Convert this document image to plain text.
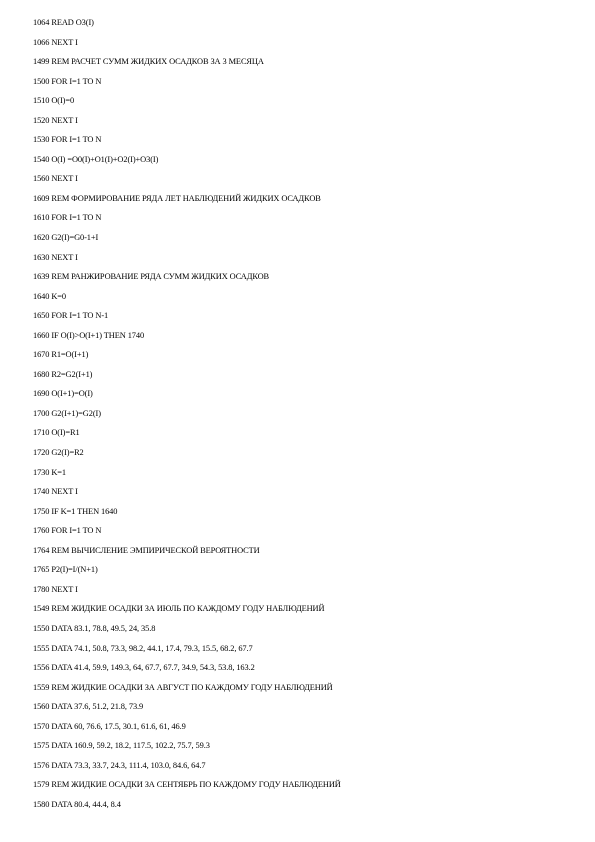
1064 READ O3(I)
1066 NEXT I
1499 REM РАСЧЕТ СУММ ЖИДКИХ ОСАДКОВ ЗА 3 МЕСЯЦА
1500 FOR I=1 TO N
1510 O(I)=0
1520 NEXT I
1530 FOR I=1 TO N
1540 O(I) =O0(I)+O1(I)+O2(I)+O3(I)
1560 NEXT I
1609 REM ФОРМИРОВАНИЕ РЯДА ЛЕТ НАБЛЮДЕНИЙ ЖИДКИХ ОСАДКОВ
1610 FOR I=1 TO N
1620 G2(I)=G0-1+I
1630 NEXT I
1639 REM РАНЖИРОВАНИЕ РЯДА СУММ ЖИДКИХ ОСАДКОВ
1640 K=0
1650 FOR I=1 TO N-1
1660 IF O(I)>O(I+1) THEN 1740
1670 R1=O(I+1)
1680 R2=G2(I+1)
1690 O(I+1)=O(I)
1700 G2(I+1)=G2(I)
1710 O(I)=R1
1720 G2(I)=R2
1730 K=1
1740 NEXT I
1750 IF K=1 THEN 1640
1760 FOR I=1 TO N
1764 REM ВЫЧИСЛЕНИЕ ЭМПИРИЧЕСКОЙ ВЕРОЯТНОСТИ
1765 P2(I)=I/(N+1)
1780 NEXT I
1549 REM ЖИДКИЕ ОСАДКИ ЗА ИЮЛЬ ПО КАЖДОМУ ГОДУ НАБЛЮДЕНИЙ
1550 DATA 83.1, 78.8, 49.5, 24, 35.8
1555 DATA 74.1, 50.8, 73.3, 98.2, 44.1, 17.4, 79.3, 15.5, 68.2, 67.7
1556 DATA 41.4, 59.9, 149.3, 64, 67.7, 67.7, 34.9, 54.3, 53.8, 163.2
1559 REM ЖИДКИЕ ОСАДКИ ЗА АВГУСТ ПО КАЖДОМУ ГОДУ НАБЛЮДЕНИЙ
1560 DATA 37.6, 51.2, 21.8, 73.9
1570 DATA 60, 76.6, 17.5, 30.1, 61.6, 61, 46.9
1575 DATA 160.9, 59.2, 18.2, 117.5, 102.2, 75.7, 59.3
1576 DATA 73.3, 33.7, 24.3, 111.4, 103.0, 84.6, 64.7
1579 REM ЖИДКИЕ ОСАДКИ ЗА СЕНТЯБРЬ ПО КАЖДОМУ ГОДУ НАБЛЮДЕНИЙ
1580 DATA 80.4, 44.4, 8.4
